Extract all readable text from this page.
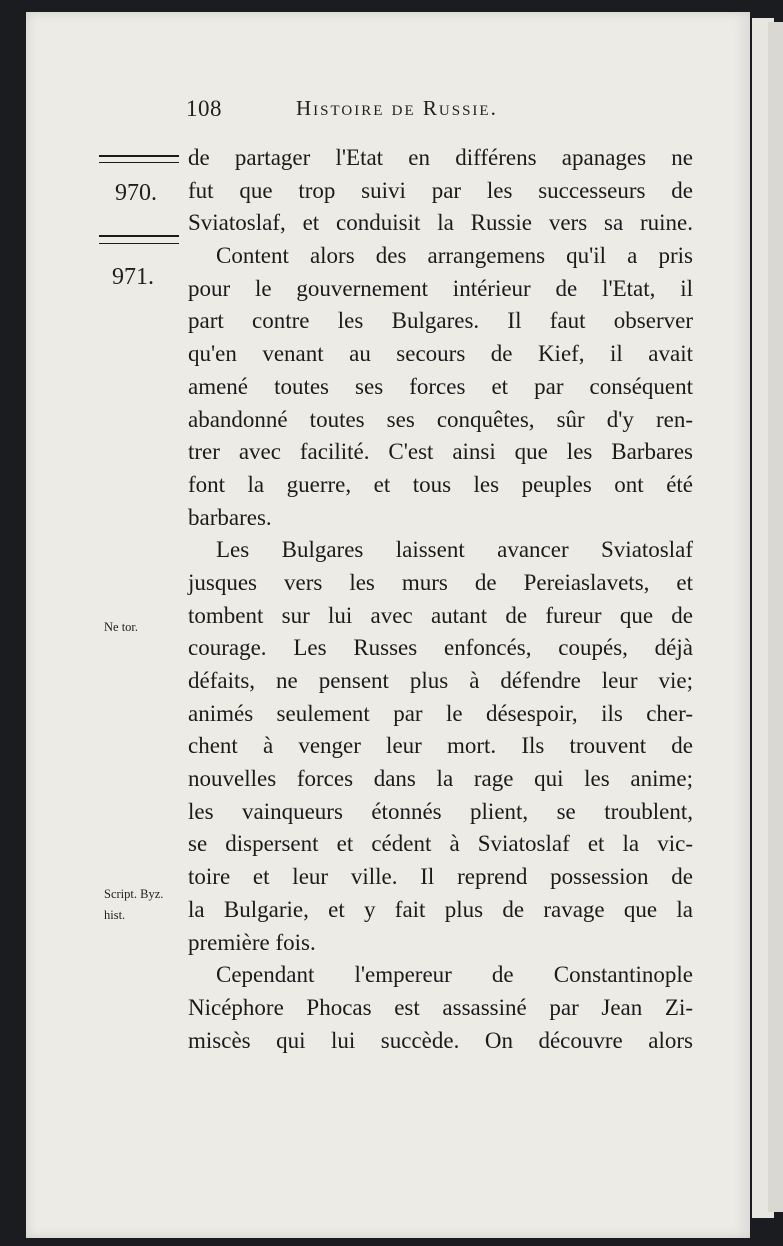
108	Histoire de Russie.
970.
971.
Ne tor.
Script. Byz.
hist.
de partager l'Etat en différens apanages ne
fut que trop suivi par les successeurs de
Sviatoslaf, et conduisit la Russie vers sa ruine.
Content alors des arrangemens qu'il a pris
pour le gouvernement intérieur de l'Etat, il
part contre les Bulgares. Il faut observer
qu'en venant au secours de Kief, il avait
amené toutes ses forces et par conséquent
abandonné toutes ses conquêtes, sûr d'y ren-
trer avec facilité. C'est ainsi que les Barbares
font la guerre, et tous les peuples ont été
barbares.
Les Bulgares laissent avancer Sviatoslaf
jusques vers les murs de Pereiaslavets, et
tombent sur lui avec autant de fureur que de
courage. Les Russes enfoncés, coupés, déjà
défaits, ne pensent plus à défendre leur vie;
animés seulement par le désespoir, ils cher-
chent à venger leur mort. Ils trouvent de
nouvelles forces dans la rage qui les anime;
les vainqueurs étonnés plient, se troublent,
se dispersent et cédent à Sviatoslaf et la vic-
toire et leur ville. Il reprend possession de
la Bulgarie, et y fait plus de ravage que la
première fois.
Cependant l'empereur de Constantinople
Nicéphore Phocas est assassiné par Jean Zi-
miscès qui lui succède. On découvre alors
